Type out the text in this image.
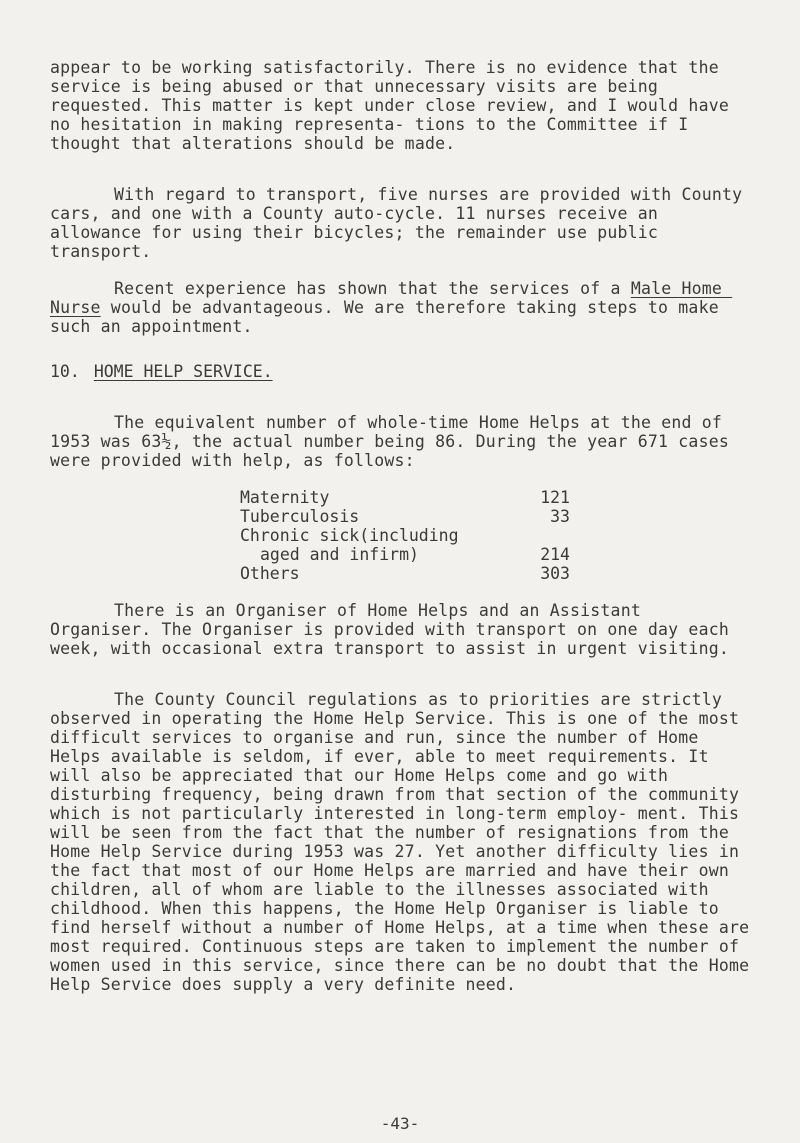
appear to be working satisfactorily. There is no evidence that the service is being abused or that unnecessary visits are being requested. This matter is kept under close review, and I would have no hesitation in making representa- tions to the Committee if I thought that alterations should be made.

With regard to transport, five nurses are provided with County cars, and one with a County auto-cycle. 11 nurses receive an allowance for using their bicycles; the remainder use public transport.

Recent experience has shown that the services of a Male Home Nurse would be advantageous. We are therefore taking steps to make such an appointment.

10. HOME HELP SERVICE.

The equivalent number of whole-time Home Helps at the end of 1953 was 63½, the actual number being 86. During the year 671 cases were provided with help, as follows:

Maternity	121
Tuberculosis	33

Chronic sick(including
aged and infirm)	214
Others	303

There is an Organiser of Home Helps and an Assistant Organiser. The Organiser is provided with transport on one day each week, with occasional extra transport to assist in urgent visiting.

The County Council regulations as to priorities are strictly observed in operating the Home Help Service. This is one of the most difficult services to organise and run, since the number of Home Helps available is seldom, if ever, able to meet requirements. It will also be appreciated that our Home Helps come and go with disturbing frequency, being drawn from that section of the community which is not particularly interested in long-term employ- ment. This will be seen from the fact that the number of resignations from the Home Help Service during 1953 was 27. Yet another difficulty lies in the fact that most of our Home Helps are married and have their own children, all of whom are liable to the illnesses associated with childhood. When this happens, the Home Help Organiser is liable to find herself without a number of Home Helps, at a time when these are most required. Continuous steps are taken to implement the number of women used in this service, since there can be no doubt that the Home Help Service does supply a very definite need.

-43-
